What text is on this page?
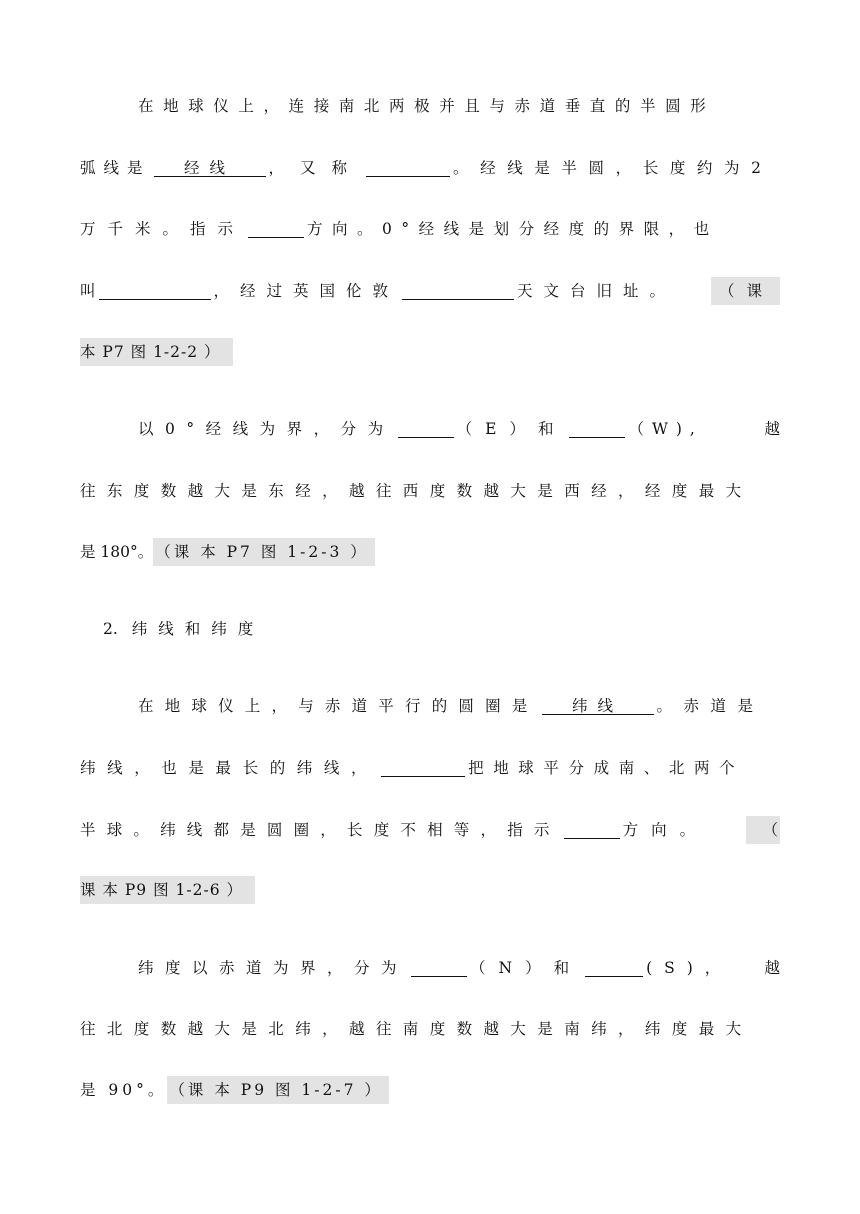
在地球仪上，连接南北两极并且与赤道垂直的半圆形
弧线是	经线	，又称	。经线是半圆，长度约为2
万千米。指示	方向。0°经线是划分经度的界限，也
叫	，经过英国伦敦	天文台旧址。	（课
本 P7 图 1-2-2 ）
以0°经线为界，分为	（E）和	（W),	越
往东度数越大是东经，越往西度数越大是西经，经度最大
是 180°。 （课 本 P7 图 1-2-3 ）
2. 纬线和纬度
在地球仪上，与赤道平行的圆圈是	纬线	。赤道是
纬线，也是最长的纬线，	把地球平分成南、北两个
半球。纬线都是圆圈，长度不相等，指示	方向。	（
课 本 P9 图 1-2-6 ）
纬度以赤道为界，分为	（N）和	(S)， 越
往北度数越大是北纬，越往南度数越大是南纬，纬度最大
是 90°。 （课 本 P9 图 1-2-7 ）
